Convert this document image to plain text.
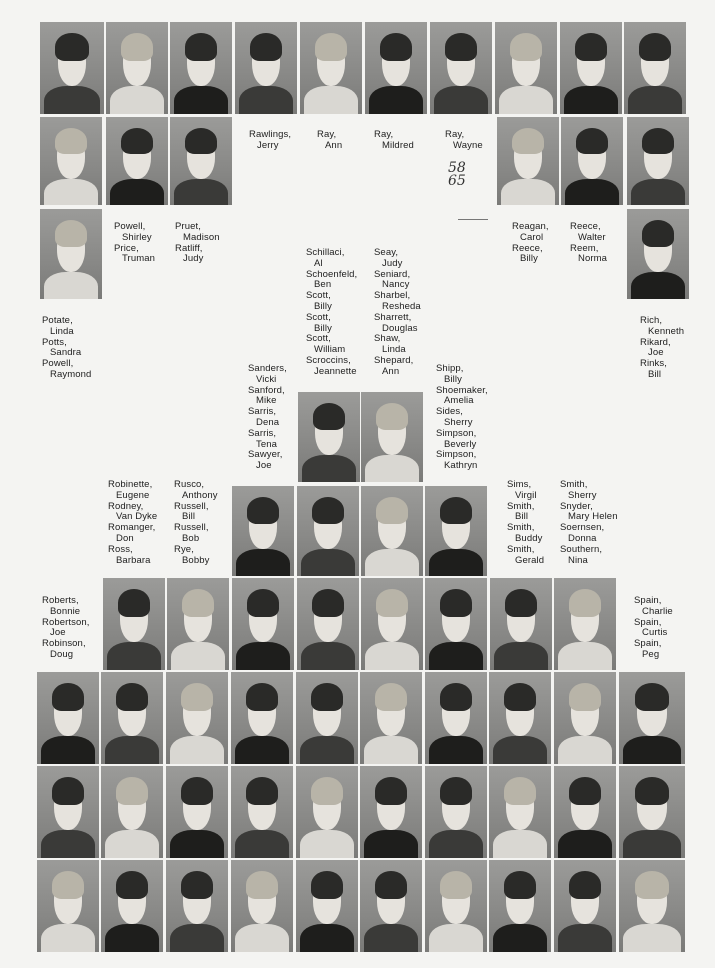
Rawlings,
Jerry
Ray,
Ann
Ray,
Mildred
Ray,
Wayne
58
65
Powell,
Shirley
Price,
Truman
Pruet,
Madison
Ratliff,
Judy
Reagan,
Carol
Reece,
Billy
Reece,
Walter
Reem,
Norma
Schillaci,
Al
Schoenfeld,
Ben
Scott,
Billy
Scott,
Billy
Scott,
William
Scroccins,
Jeannette
Seay,
Judy
Seniard,
Nancy
Sharbel,
Resheda
Sharrett,
Douglas
Shaw,
Linda
Shepard,
Ann
Potate,
Linda
Potts,
Sandra
Powell,
Raymond
Rich,
Kenneth
Rikard,
Joe
Rinks,
Bill
Sanders,
Vicki
Sanford,
Mike
Sarris,
Dena
Sarris,
Tena
Sawyer,
Joe
Shipp,
Billy
Shoemaker,
Amelia
Sides,
Sherry
Simpson,
Beverly
Simpson,
Kathryn
Robinette,
Eugene
Rodney,
Van Dyke
Romanger,
Don
Ross,
Barbara
Rusco,
Anthony
Russell,
Bill
Russell,
Bob
Rye,
Bobby
Sims,
Virgil
Smith,
Bill
Smith,
Buddy
Smith,
Gerald
Smith,
Sherry
Snyder,
Mary Helen
Soernsen,
Donna
Southern,
Nina
Roberts,
Bonnie
Robertson,
Joe
Robinson,
Doug
Spain,
Charlie
Spain,
Curtis
Spain,
Peg
